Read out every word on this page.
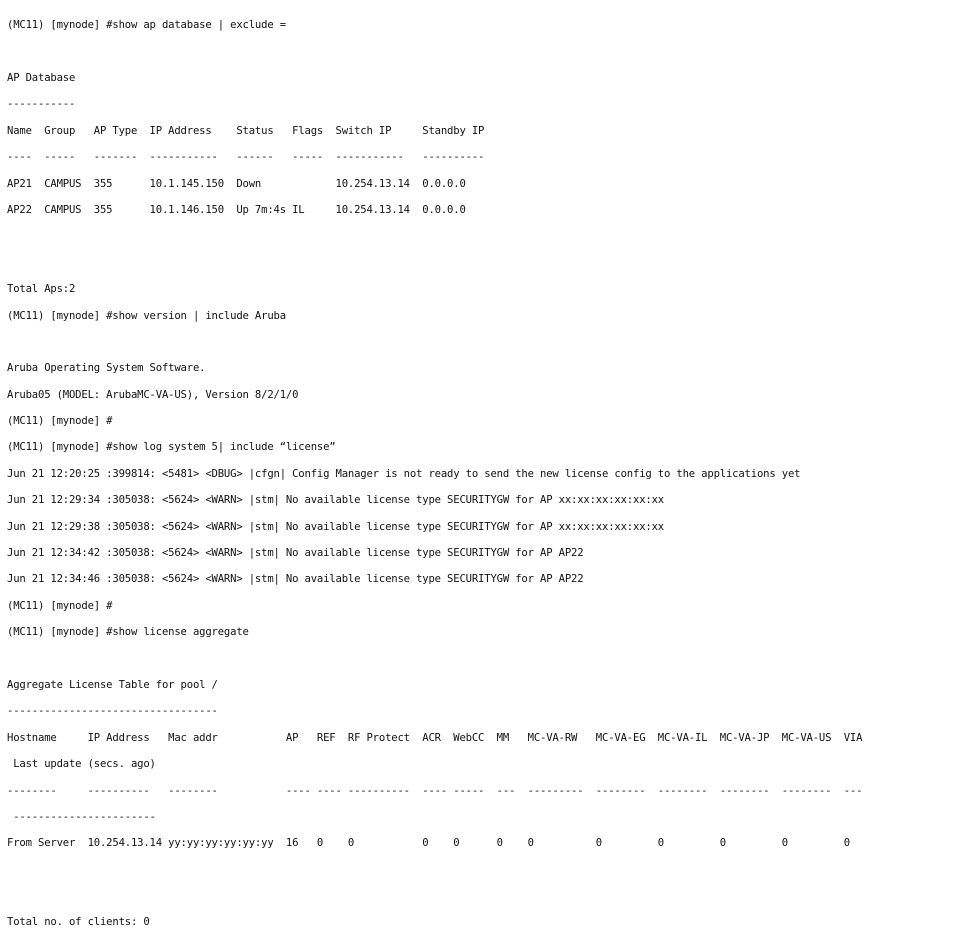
(MC11) [mynode] #show ap database | exclude =

AP Database

-----------

Name  Group   AP Type  IP Address    Status   Flags  Switch IP     Standby IP

----  -----   -------  -----------   ------   -----  -----------   ----------

AP21  CAMPUS  355      10.1.145.150  Down            10.254.13.14  0.0.0.0

AP22  CAMPUS  355      10.1.146.150  Up 7m:4s IL     10.254.13.14  0.0.0.0

Total Aps:2

(MC11) [mynode] #show version | include Aruba

Aruba Operating System Software.

Aruba05 (MODEL: ArubaMC-VA-US), Version 8/2/1/0

(MC11) [mynode] #

(MC11) [mynode] #show log system 5| include “license”

Jun 21 12:20:25 :399814: <5481> <DBUG> |cfgn| Config Manager is not ready to send the new license config to the applications yet

Jun 21 12:29:34 :305038: <5624> <WARN> |stm| No available license type SECURITYGW for AP xx:xx:xx:xx:xx:xx

Jun 21 12:29:38 :305038: <5624> <WARN> |stm| No available license type SECURITYGW for AP xx:xx:xx:xx:xx:xx

Jun 21 12:34:42 :305038: <5624> <WARN> |stm| No available license type SECURITYGW for AP AP22

Jun 21 12:34:46 :305038: <5624> <WARN> |stm| No available license type SECURITYGW for AP AP22

(MC11) [mynode] #

(MC11) [mynode] #show license aggregate

Aggregate License Table for pool /

----------------------------------

Hostname     IP Address   Mac addr           AP   REF  RF Protect  ACR  WebCC  MM   MC-VA-RW   MC-VA-EG  MC-VA-IL  MC-VA-JP  MC-VA-US  VIA

Last update (secs. ago)

--------     ----------   --------           ---- ---- ----------  ---- -----  ---  ---------  --------  --------  --------  --------  ---

-----------------------

From Server  10.254.13.14 yy:yy:yy:yy:yy:yy  16   0    0           0    0      0    0          0         0         0         0         0

Total no. of clients: 0
